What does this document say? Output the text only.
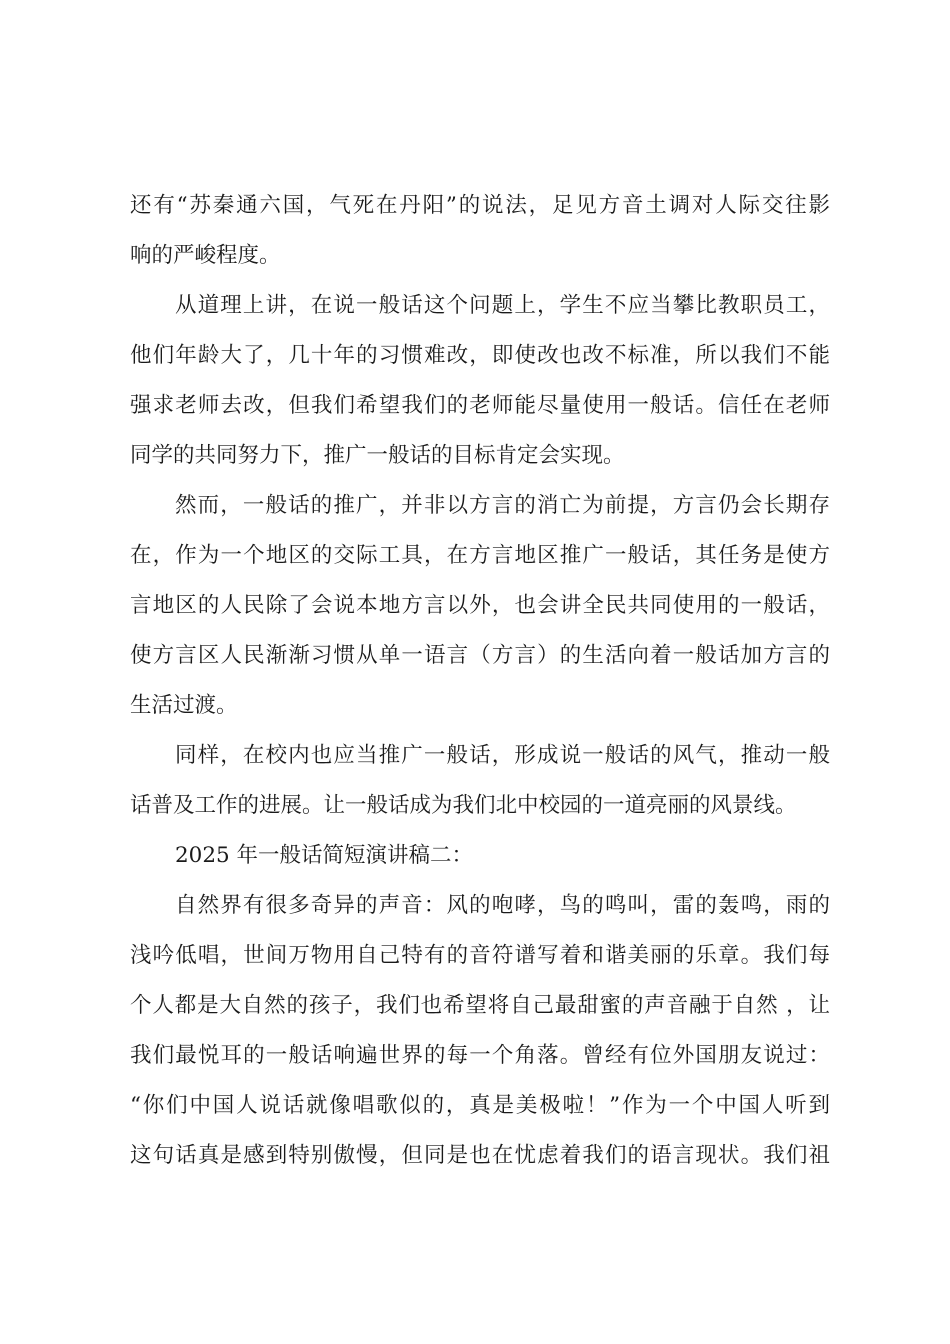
还有“苏秦通六国，气死在丹阳”的说法，足见方音土调对人际交往影
响的严峻程度。
从道理上讲，在说一般话这个问题上，学生不应当攀比教职员工，
他们年龄大了，几十年的习惯难改，即使改也改不标准，所以我们不能
强求老师去改，但我们希望我们的老师能尽量使用一般话。信任在老师
同学的共同努力下，推广一般话的目标肯定会实现。
然而，一般话的推广，并非以方言的消亡为前提，方言仍会长期存
在，作为一个地区的交际工具，在方言地区推广一般话，其任务是使方
言地区的人民除了会说本地方言以外，也会讲全民共同使用的一般话，
使方言区人民渐渐习惯从单一语言（方言）的生活向着一般话加方言的
生活过渡。
同样，在校内也应当推广一般话，形成说一般话的风气，推动一般
话普及工作的进展。让一般话成为我们北中校园的一道亮丽的风景线。
2025 年一般话简短演讲稿二：
自然界有很多奇异的声音：风的咆哮，鸟的鸣叫，雷的轰鸣，雨的
浅吟低唱，世间万物用自己特有的音符谱写着和谐美丽的乐章。我们每
个人都是大自然的孩子，我们也希望将自己最甜蜜的声音融于自然 ，让
我们最悦耳的一般话响遍世界的每一个角落。曾经有位外国朋友说过：
“你们中国人说话就像唱歌似的，真是美极啦！”作为一个中国人听到
这句话真是感到特别傲慢，但同是也在忧虑着我们的语言现状。我们祖
